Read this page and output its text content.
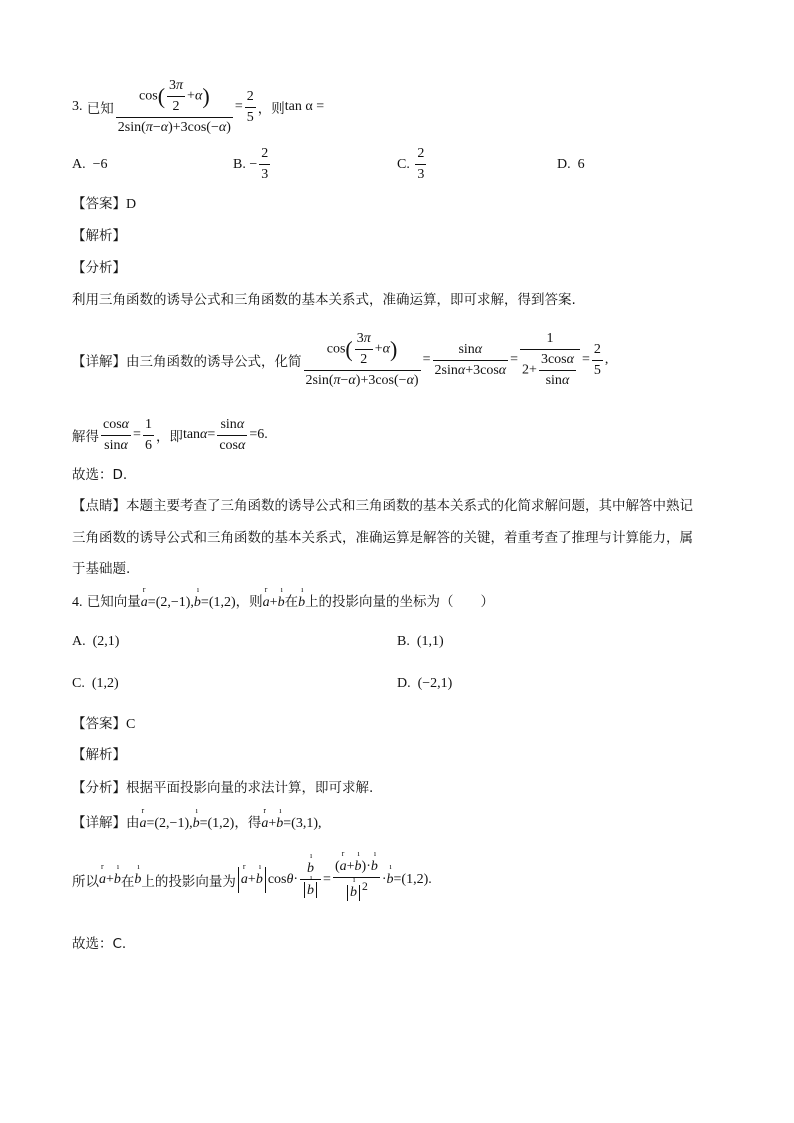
3.
已知 $\frac{\cos( \frac{3\pi}{2} +\alpha)}{2\sin(\pi-\alpha)+3\cos(-\alpha)} = \frac{2}{5}$ ，则 tan α =
A. −6	B. − $\frac{2}{3}$	C.
$\frac{2}{3}$	D. 6
【答案】D
【解析】
【分析】
利用三角函数的诱导公式和三角函数的基本关系式，准确运算，即可求解，得到答案.
【详解】 由三角函数的诱导公式，化简 $\frac{\cos( \frac{3\pi}{2} +\alpha)}{2\sin(\pi-\alpha)+3\cos(-\alpha)} = \frac{\sin\alpha}{2\sin\alpha+3\cos\alpha} = \frac{1}{2+ \frac{3\cos\alpha}{\sin\alpha}} = \frac{2}{5}$ ,
解得 $\frac{\cos\alpha}{\sin\alpha} = \frac{1}{6}$ ，即 $\tan\alpha= \frac{\sin\alpha}{\cos\alpha} =6$.
故选：D.
【点睛】本题主要考查了三角函数的诱导公式和三角函数的基本关系式的化简求解问题，其中解答中熟记
三角函数的诱导公式和三角函数的基本关系式，准确运算是解答的关键，着重考查了推理与计算能力，属
于基础题.
4. 已知向量r a=(2,−1),ı b=(1,2)，则r a+ı b在ı b上的投影向量的坐标为（　　）
A. (2,1)	B. (1,1)
C. (1,2)	D. (−2,1)
【答案】C
【解析】
【分析】根据平面投影向量的求法计算，即可求解.
【详解】由r a=(2,−1),ı b=(1,2)，得r a+ı b=(3,1),
所以 r a+ı b 在 ı b 上的投影向量为 r a + ı b cos θ · ı b
ı b = (r a+ı b)·ı b
ı b $^2$ · ı b =(1,2).
故选：C.
